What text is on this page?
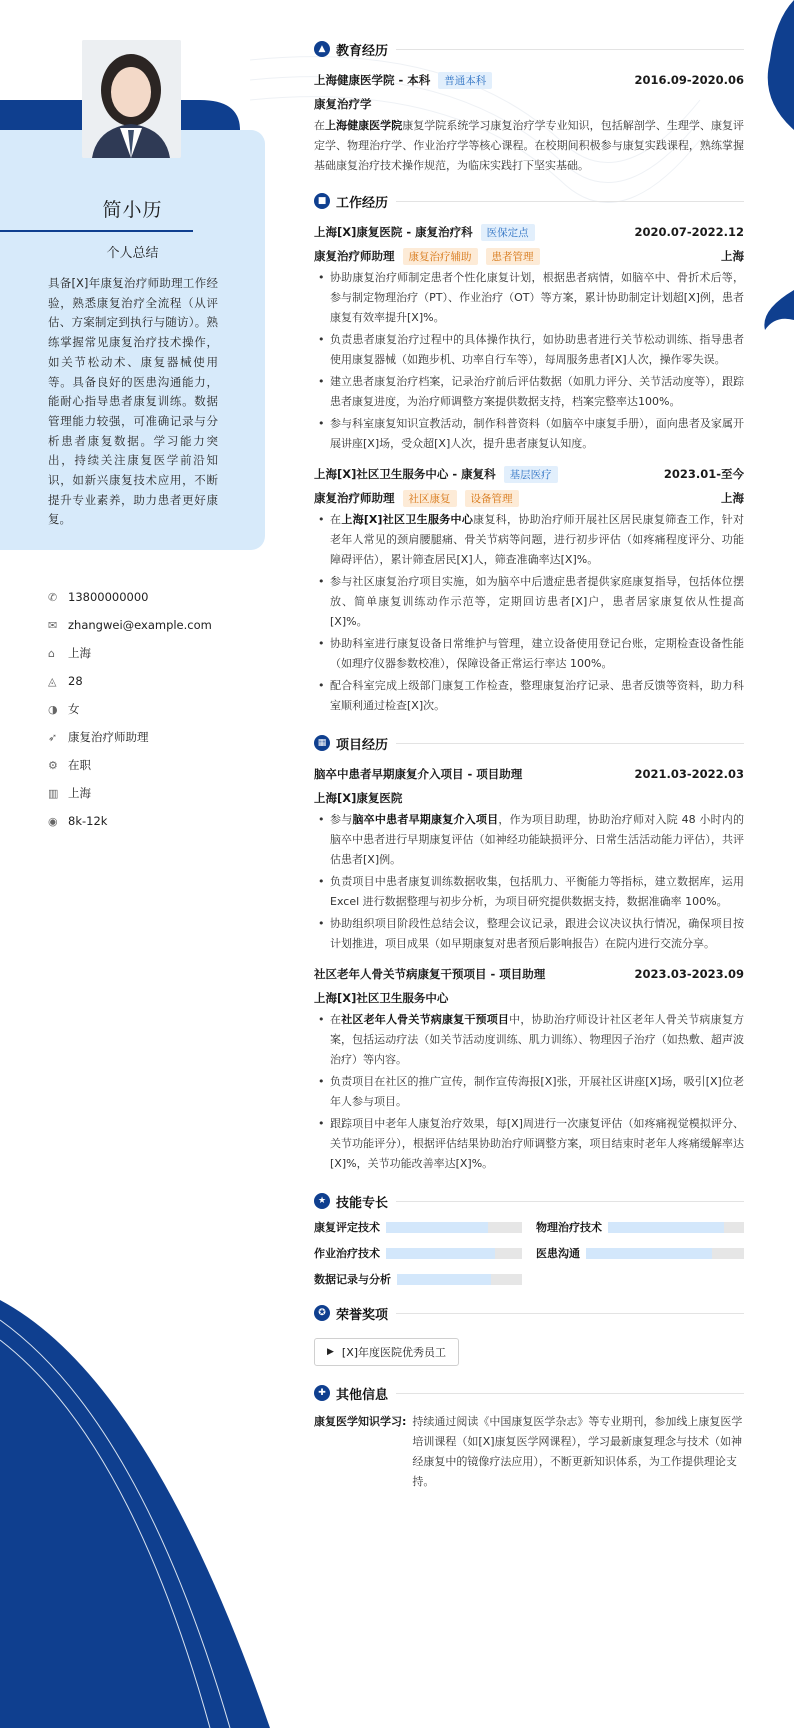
简小历
个人总结
具备[X]年康复治疗师助理工作经验，熟悉康复治疗全流程（从评估、方案制定到执行与随访）。熟练掌握常见康复治疗技术操作，如关节松动术、康复器械使用等。具备良好的医患沟通能力，能耐心指导患者康复训练。数据管理能力较强，可准确记录与分析患者康复数据。学习能力突出，持续关注康复医学前沿知识，如新兴康复技术应用，不断提升专业素养，助力患者更好康复。
✆ 13800000000
✉ zhangwei@example.com
⌂	上海
◬	28
◑ 女
➶ 康复治疗师助理
⚙ 在职
▥ 上海
◉ 8k-12k
▲ 教育经历
上海健康医学院 - 本科	普通本科	2016.09-2020.06
康复治疗学
在上海健康医学院康复学院系统学习康复治疗学专业知识，包括解剖学、生理学、康复评定学、物理治疗学、作业治疗学等核心课程。在校期间积极参与康复实践课程，熟练掌握基础康复治疗技术操作规范，为临床实践打下坚实基础。
■ 工作经历
上海[X]康复医院 - 康复治疗科	医保定点	2020.07-2022.12
康复治疗师助理	康复治疗辅助	患者管理	上海
• 协助康复治疗师制定患者个性化康复计划，根据患者病情，如脑卒中、骨折术后等，参与制定物理治疗（PT）、作业治疗（OT）等方案，累计协助制定计划超[X]例，患者康复有效率提升[X]%。
• 负责患者康复治疗过程中的具体操作执行，如协助患者进行关节松动训练、指导患者使用康复器械（如跑步机、功率自行车等），每周服务患者[X]人次，操作零失误。
• 建立患者康复治疗档案，记录治疗前后评估数据（如肌力评分、关节活动度等），跟踪患者康复进度，为治疗师调整方案提供数据支持，档案完整率达100%。
• 参与科室康复知识宣教活动，制作科普资料（如脑卒中康复手册），面向患者及家属开展讲座[X]场，受众超[X]人次，提升患者康复认知度。
上海[X]社区卫生服务中心 - 康复科	基层医疗	2023.01-至今
康复治疗师助理	社区康复	设备管理	上海
• 在上海[X]社区卫生服务中心康复科，协助治疗师开展社区居民康复筛查工作，针对老年人常见的颈肩腰腿痛、骨关节病等问题，进行初步评估（如疼痛程度评分、功能障碍评估），累计筛查居民[X]人，筛查准确率达[X]%。
• 参与社区康复治疗项目实施，如为脑卒中后遗症患者提供家庭康复指导，包括体位摆放、简单康复训练动作示范等，定期回访患者[X]户，患者居家康复依从性提高[X]%。
• 协助科室进行康复设备日常维护与管理，建立设备使用登记台账，定期检查设备性能（如理疗仪器参数校准），保障设备正常运行率达 100%。
• 配合科室完成上级部门康复工作检查，整理康复治疗记录、患者反馈等资料，助力科室顺利通过检查[X]次。
▦ 项目经历
脑卒中患者早期康复介入项目 - 项目助理	2021.03-2022.03
上海[X]康复医院
• 参与脑卒中患者早期康复介入项目，作为项目助理，协助治疗师对入院 48 小时内的脑卒中患者进行早期康复评估（如神经功能缺损评分、日常生活活动能力评估），共评估患者[X]例。
• 负责项目中患者康复训练数据收集，包括肌力、平衡能力等指标，建立数据库，运用 Excel 进行数据整理与初步分析，为项目研究提供数据支持，数据准确率 100%。
• 协助组织项目阶段性总结会议，整理会议记录，跟进会议决议执行情况，确保项目按计划推进，项目成果（如早期康复对患者预后影响报告）在院内进行交流分享。
社区老年人骨关节病康复干预项目 - 项目助理	2023.03-2023.09
上海[X]社区卫生服务中心
• 在社区老年人骨关节病康复干预项目中，协助治疗师设计社区老年人骨关节病康复方案，包括运动疗法（如关节活动度训练、肌力训练）、物理因子治疗（如热敷、超声波治疗）等内容。
• 负责项目在社区的推广宣传，制作宣传海报[X]张，开展社区讲座[X]场，吸引[X]位老年人参与项目。
• 跟踪项目中老年人康复治疗效果，每[X]周进行一次康复评估（如疼痛视觉模拟评分、关节功能评分），根据评估结果协助治疗师调整方案，项目结束时老年人疼痛缓解率达[X]%，关节功能改善率达[X]%。
★ 技能专长
康复评定技术	物理治疗技术
作业治疗技术	医患沟通
数据记录与分析
✪ 荣誉奖项
▶ [X]年度医院优秀员工
✚ 其他信息
康复医学知识学习: 持续通过阅读《中国康复医学杂志》等专业期刊，参加线上康复医学培训课程（如[X]康复医学网课程），学习最新康复理念与技术（如神经康复中的镜像疗法应用），不断更新知识体系，为工作提供理论支持。
